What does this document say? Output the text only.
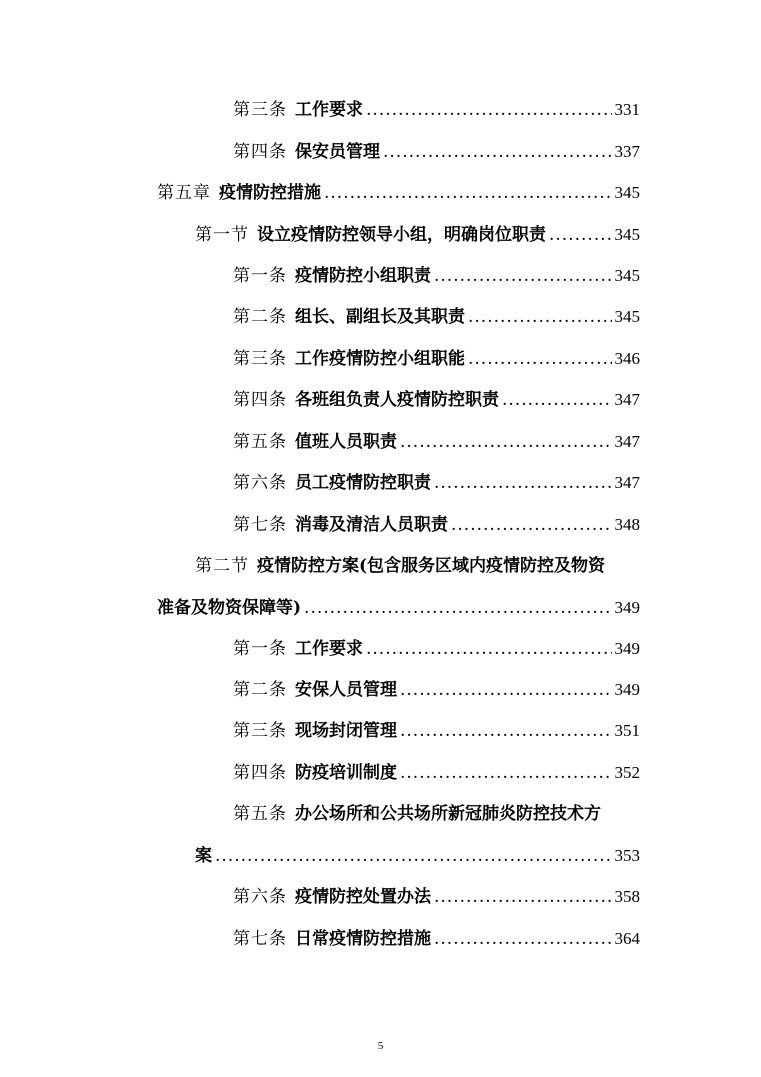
第三条 工作要求 .....	331
第四条 保安员管理 .....	337
第五章 疫情防控措施 .....	345
第一节 设立疫情防控领导小组，明确岗位职责 .....	345
第一条 疫情防控小组职责 .....	345
第二条 组长、副组长及其职责 .....	345
第三条 工作疫情防控小组职能 .....	346
第四条 各班组负责人疫情防控职责 .....	347
第五条 值班人员职责 .....	347
第六条 员工疫情防控职责 .....	347
第七条 消毒及清洁人员职责 .....	348
第二节 疫情防控方案(包含服务区域内疫情防控及物资
准备及物资保障等) .....	349
第一条 工作要求 .....	349
第二条 安保人员管理 .....	349
第三条 现场封闭管理 .....	351
第四条 防疫培训制度 .....	352
第五条 办公场所和公共场所新冠肺炎防控技术方
案 .....	353
第六条 疫情防控处置办法 .....	358
第七条 日常疫情防控措施 .....	364
5
